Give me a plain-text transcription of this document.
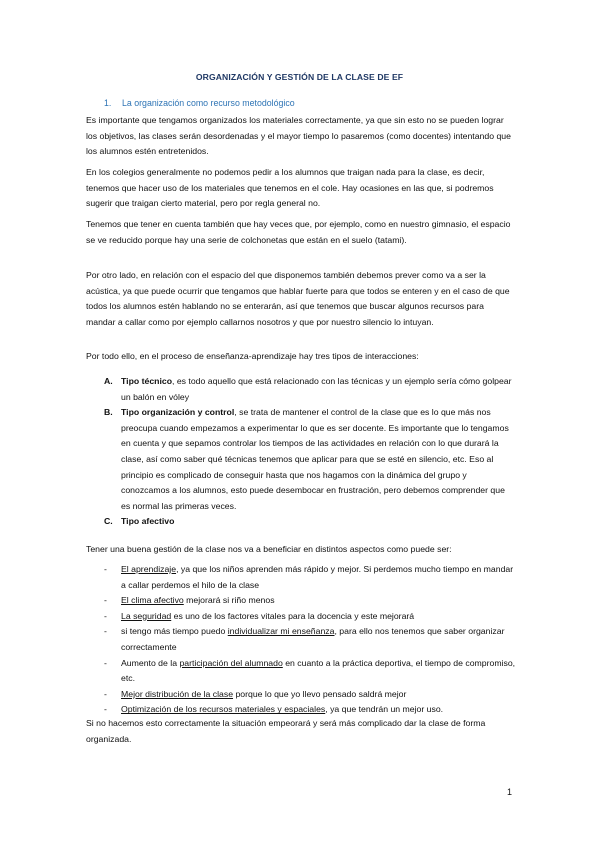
ORGANIZACIÓN Y GESTIÓN DE LA CLASE DE EF
1. La organización como recurso metodológico

Es importante que tengamos organizados los materiales correctamente, ya que sin esto no se pueden lograr los objetivos, las clases serán desordenadas y el mayor tiempo lo pasaremos (como docentes) intentando que los alumnos estén entretenidos.

En los colegios generalmente no podemos pedir a los alumnos que traigan nada para la clase, es decir, tenemos que hacer uso de los materiales que tenemos en el cole. Hay ocasiones en las que, si podremos sugerir que traigan cierto material, pero por regla general no.

Tenemos que tener en cuenta también que hay veces que, por ejemplo, como en nuestro gimnasio, el espacio se ve reducido porque hay una serie de colchonetas que están en el suelo (tatami).

Por otro lado, en relación con el espacio del que disponemos también debemos prever como va a ser la acústica, ya que puede ocurrir que tengamos que hablar fuerte para que todos se enteren y en el caso de que todos los alumnos estén hablando no se enterarán, así que tenemos que buscar algunos recursos para mandar a callar como por ejemplo callarnos nosotros y que por nuestro silencio lo intuyan.

Por todo ello, en el proceso de enseñanza-aprendizaje hay tres tipos de interacciones:

A. Tipo técnico, es todo aquello que está relacionado con las técnicas y un ejemplo sería cómo golpear un balón en vóley
B. Tipo organización y control, se trata de mantener el control de la clase que es lo que más nos preocupa cuando empezamos a experimentar lo que es ser docente. Es importante que lo tengamos en cuenta y que sepamos controlar los tiempos de las actividades en relación con lo que durará la clase, así como saber qué técnicas tenemos que aplicar para que se esté en silencio, etc. Eso al principio es complicado de conseguir hasta que nos hagamos con la dinámica del grupo y conozcamos a los alumnos, esto puede desembocar en frustración, pero debemos comprender que es normal las primeras veces.
C. Tipo afectivo

Tener una buena gestión de la clase nos va a beneficiar en distintos aspectos como puede ser:

- El aprendizaje, ya que los niños aprenden más rápido y mejor. Si perdemos mucho tiempo en mandar a callar perdemos el hilo de la clase
- El clima afectivo mejorará si riño menos
- La seguridad es uno de los factores vitales para la docencia y este mejorará
- si tengo más tiempo puedo individualizar mi enseñanza, para ello nos tenemos que saber organizar correctamente
- Aumento de la participación del alumnado en cuanto a la práctica deportiva, el tiempo de compromiso, etc.
- Mejor distribución de la clase porque lo que yo llevo pensado saldrá mejor
- Optimización de los recursos materiales y espaciales, ya que tendrán un mejor uso.

Si no hacemos esto correctamente la situación empeorará y será más complicado dar la clase de forma organizada.

1
